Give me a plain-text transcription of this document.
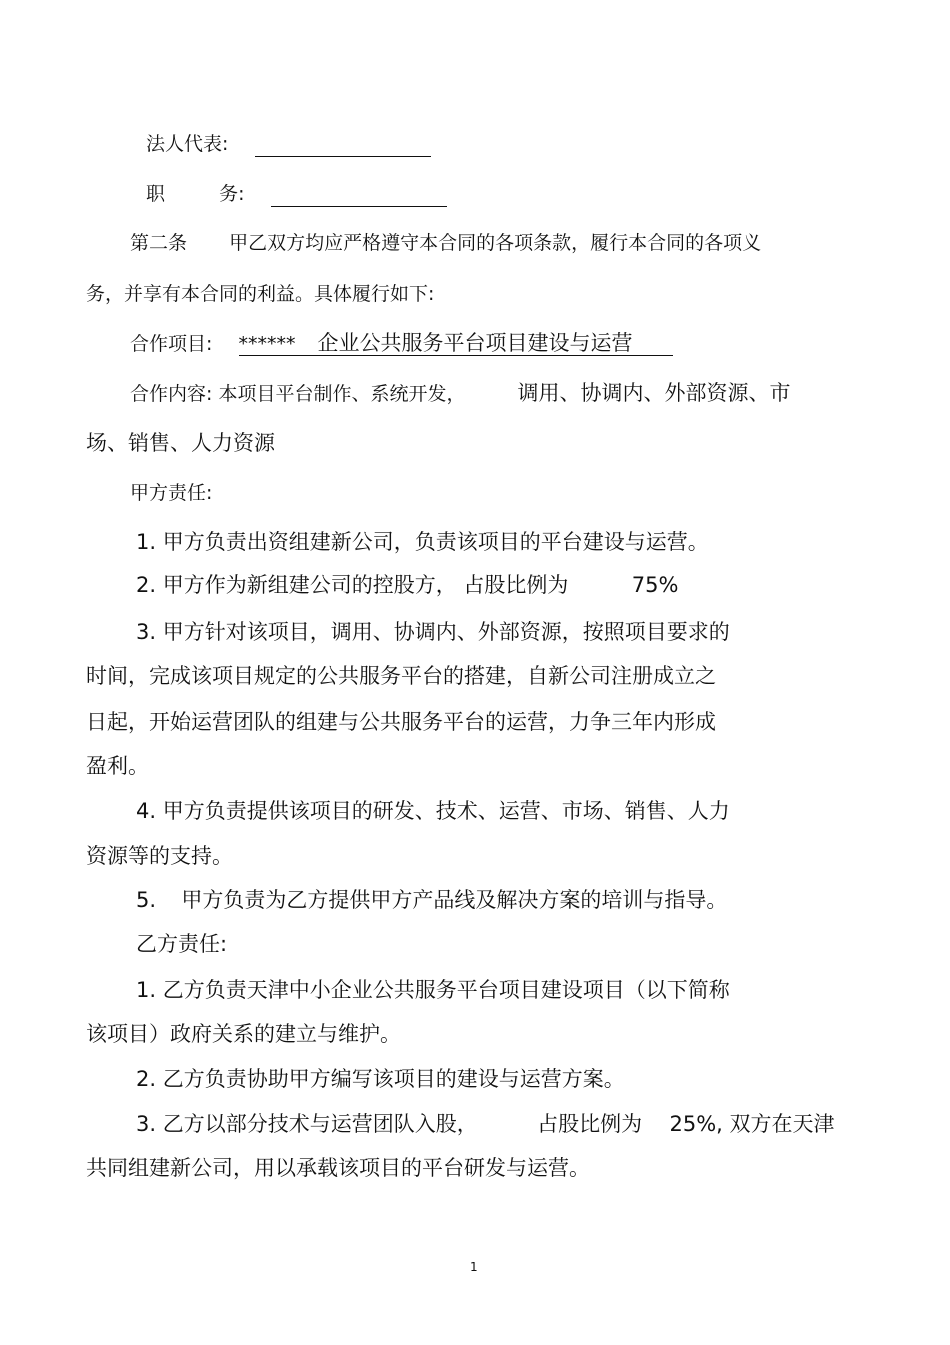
法人代表:
职	务:
第二条 甲乙双方均应严格遵守本合同的各项条款，履行本合同的各项义
务，并享有本合同的利益。具体履行如下:
合作项目: ****** 企业公共服务平台项目建设与运营
合作内容: 本项目平台制作、系统开发， 调用、协调内、外部资源、市
场、销售、人力资源
甲方责任:
1. 甲方负责出资组建新公司，负责该项目的平台建设与运营。
2. 甲方作为新组建公司的控股方， 占股比例为	75%
3. 甲方针对该项目，调用、协调内、外部资源，按照项目要求的
时间，完成该项目规定的公共服务平台的搭建，自新公司注册成立之
日起，开始运营团队的组建与公共服务平台的运营，力争三年内形成
盈利。
4. 甲方负责提供该项目的研发、技术、运营、市场、销售、人力
资源等的支持。
5. 甲方负责为乙方提供甲方产品线及解决方案的培训与指导。
乙方责任:
1. 乙方负责天津中小企业公共服务平台项目建设项目（以下简称
该项目）政府关系的建立与维护。
2. 乙方负责协助甲方编写该项目的建设与运营方案。
3. 乙方以部分技术与运营团队入股，	占股比例为 25%, 双方在天津
共同组建新公司，用以承载该项目的平台研发与运营。
1
